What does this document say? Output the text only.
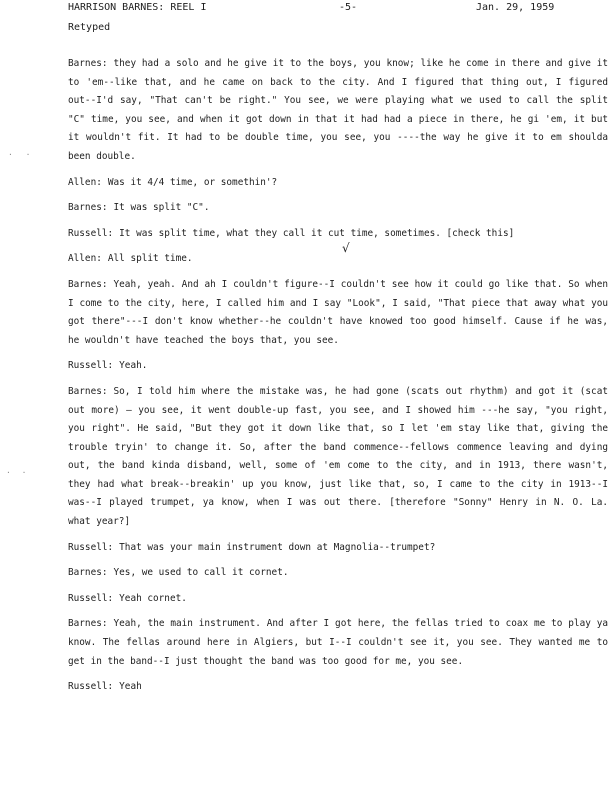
HARRISON BARNES: REEL I	-5-	Jan. 29, 1959
Retyped
· ·
· ·
√

Barnes: they had a solo and he give it to the boys, you know; like he come in there and give it to 'em--like that, and he came on back to the city. And I figured that thing out, I figured out--I'd say, "That can't be right." You see, we were playing what we used to call the split "C" time, you see, and when it got down in that it had had a piece in there, he gi 'em, it but it wouldn't fit. It had to be double time, you see, you ----the way he give it to em shoulda been double.

Allen: Was it 4/4 time, or somethin'?

Barnes: It was split "C".

Russell: It was split time, what they call it cut time, sometimes. [check this]

Allen: All split time.

Barnes: Yeah, yeah. And ah I couldn't figure--I couldn't see how it could go like that. So when I come to the city, here, I called him and I say "Look", I said, "That piece that away what you got there"---I don't know whether--he couldn't have knowed too good himself. Cause if he was, he wouldn't have teached the boys that, you see.

Russell: Yeah.

Barnes: So, I told him where the mistake was, he had gone (scats out rhythm) and got it (scat out more) — you see, it went double-up fast, you see, and I showed him ---he say, "you right, you right". He said, "But they got it down like that, so I let 'em stay like that, giving the trouble tryin' to change it. So, after the band commence--fellows commence leaving and dying out, the band kinda disband, well, some of 'em come to the city, and in 1913, there wasn't, they had what break--breakin' up you know, just like that, so, I came to the city in 1913--I was--I played trumpet, ya know, when I was out there. [therefore "Sonny" Henry in N. O. La. what year?]

Russell: That was your main instrument down at Magnolia--trumpet?

Barnes: Yes, we used to call it cornet.

Russell: Yeah cornet.

Barnes: Yeah, the main instrument. And after I got here, the fellas tried to coax me to play ya know. The fellas around here in Algiers, but I--I couldn't see it, you see. They wanted me to get in the band--I just thought the band was too good for me, you see.

Russell: Yeah
